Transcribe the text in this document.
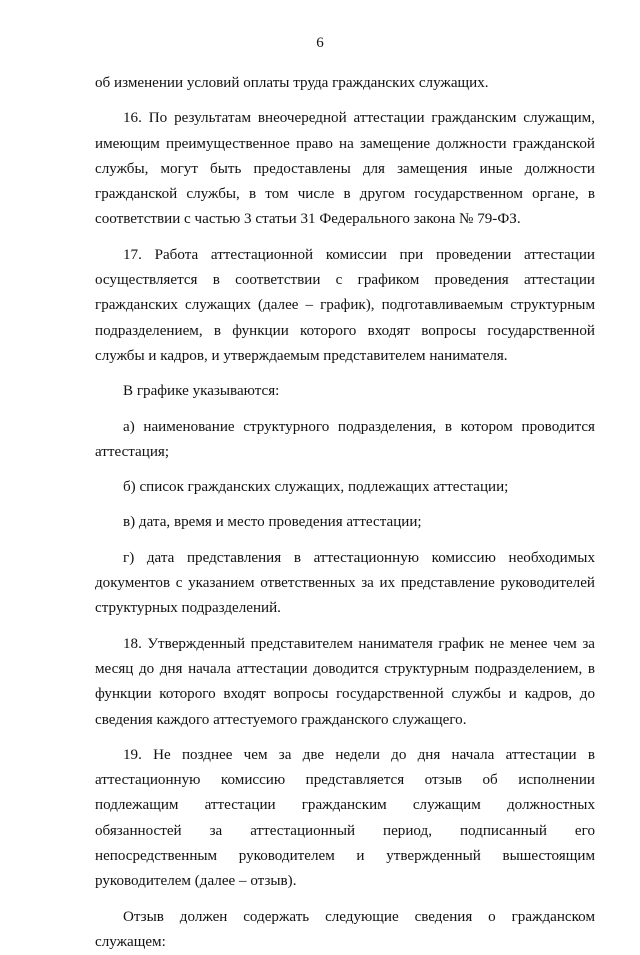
6

об изменении условий оплаты труда гражданских служащих.

16. По результатам внеочередной аттестации гражданским служащим, имеющим преимущественное право на замещение должности гражданской службы, могут быть предоставлены для замещения иные должности гражданской службы, в том числе в другом государственном органе, в соответствии с частью 3 статьи 31 Федерального закона № 79-ФЗ.

17. Работа аттестационной комиссии при проведении аттестации осуществляется в соответствии с графиком проведения аттестации гражданских служащих (далее – график), подготавливаемым структурным подразделением, в функции которого входят вопросы государственной службы и кадров, и утверждаемым представителем нанимателя.

В графике указываются:

а) наименование структурного подразделения, в котором проводится аттестация;

б) список гражданских служащих, подлежащих аттестации;

в) дата, время и место проведения аттестации;

г) дата представления в аттестационную комиссию необходимых документов с указанием ответственных за их представление руководителей структурных подразделений.

18. Утвержденный представителем нанимателя график не менее чем за месяц до дня начала аттестации доводится структурным подразделением, в функции которого входят вопросы государственной службы и кадров, до сведения каждого аттестуемого гражданского служащего.

19. Не позднее чем за две недели до дня начала аттестации в аттестационную комиссию представляется отзыв об исполнении подлежащим аттестации гражданским служащим должностных обязанностей за аттестационный период, подписанный его непосредственным руководителем и утвержденный вышестоящим руководителем (далее – отзыв).

Отзыв должен содержать следующие сведения о гражданском служащем:
